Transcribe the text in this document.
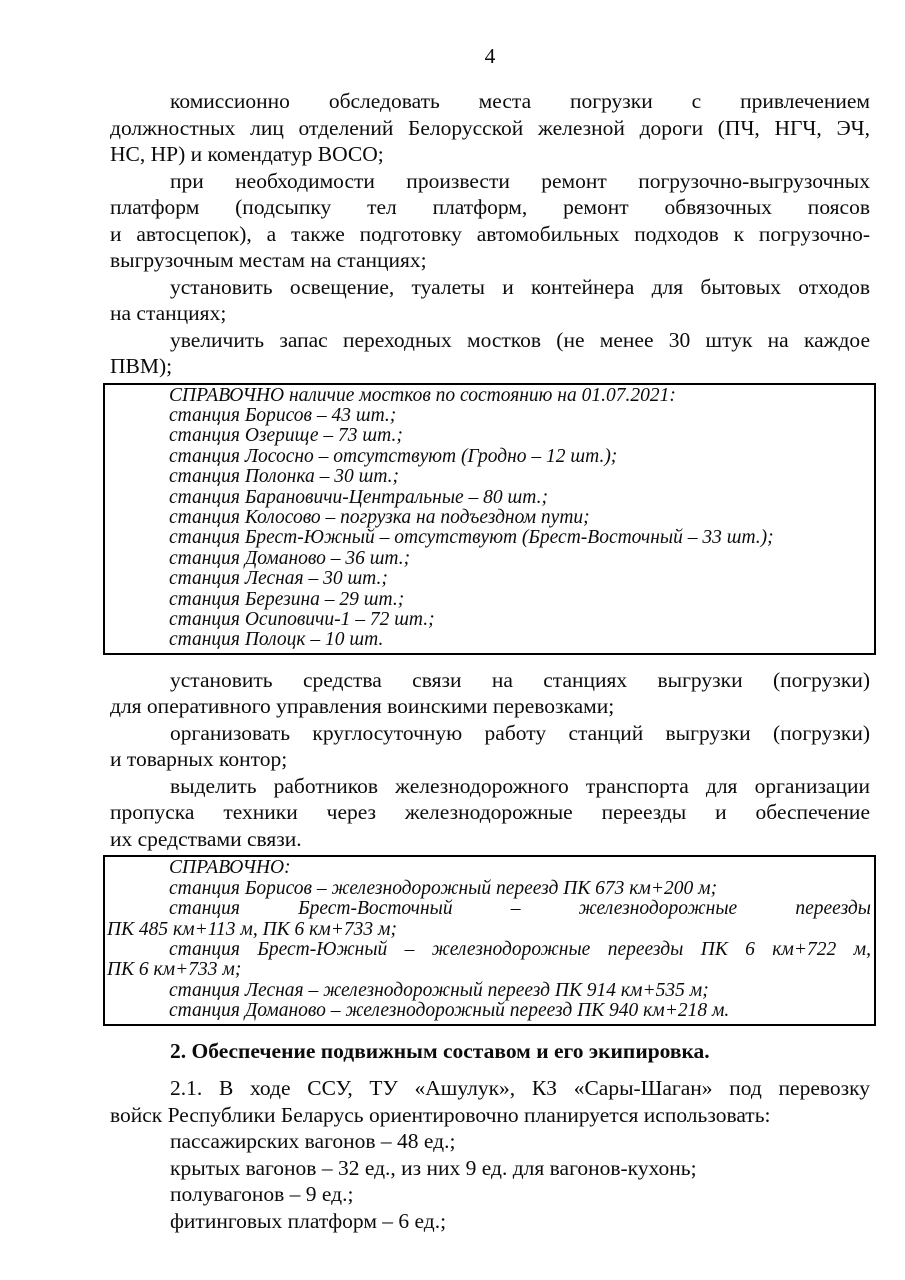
4
комиссионно обследовать места погрузки с привлечением
должностных лиц отделений Белорусской железной дороги (ПЧ, НГЧ, ЭЧ,
НС, НР) и комендатур ВОСО;
при необходимости произвести ремонт погрузочно-выгрузочных
платформ (подсыпку тел платформ, ремонт обвязочных поясов
и автосцепок), а также подготовку автомобильных подходов к погрузочно-
выгрузочным местам на станциях;
установить освещение, туалеты и контейнера для бытовых отходов
на станциях;
увеличить запас переходных мостков (не менее 30 штук на каждое
ПВМ);
СПРАВОЧНО наличие мостков по состоянию на 01.07.2021:
станция Борисов – 43 шт.;
станция Озерище – 73 шт.;
станция Лососно – отсутствуют (Гродно – 12 шт.);
станция Полонка – 30 шт.;
станция Барановичи-Центральные – 80 шт.;
станция Колосово – погрузка на подъездном пути;
станция Брест-Южный – отсутствуют (Брест-Восточный – 33 шт.);
станция Доманово – 36 шт.;
станция Лесная – 30 шт.;
станция Березина – 29 шт.;
станция Осиповичи-1 – 72 шт.;
станция Полоцк – 10 шт.
установить средства связи на станциях выгрузки (погрузки)
для оперативного управления воинскими перевозками;
организовать круглосуточную работу станций выгрузки (погрузки)
и товарных контор;
выделить работников железнодорожного транспорта для организации
пропуска техники через железнодорожные переезды и обеспечение
их средствами связи.
СПРАВОЧНО:
станция Борисов – железнодорожный переезд ПК 673 км+200 м;
станция Брест-Восточный – железнодорожные переезды
ПК 485 км+113 м, ПК 6 км+733 м;
станция Брест-Южный – железнодорожные переезды ПК 6 км+722 м,
ПК 6 км+733 м;
станция Лесная – железнодорожный переезд ПК 914 км+535 м;
станция Доманово – железнодорожный переезд ПК 940 км+218 м.
2. Обеспечение подвижным составом и его экипировка.
2.1. В ходе ССУ, ТУ «Ашулук», КЗ «Сары-Шаган» под перевозку
войск Республики Беларусь ориентировочно планируется использовать:
пассажирских вагонов – 48 ед.;
крытых вагонов – 32 ед., из них 9 ед. для вагонов-кухонь;
полувагонов – 9 ед.;
фитинговых платформ – 6 ед.;
